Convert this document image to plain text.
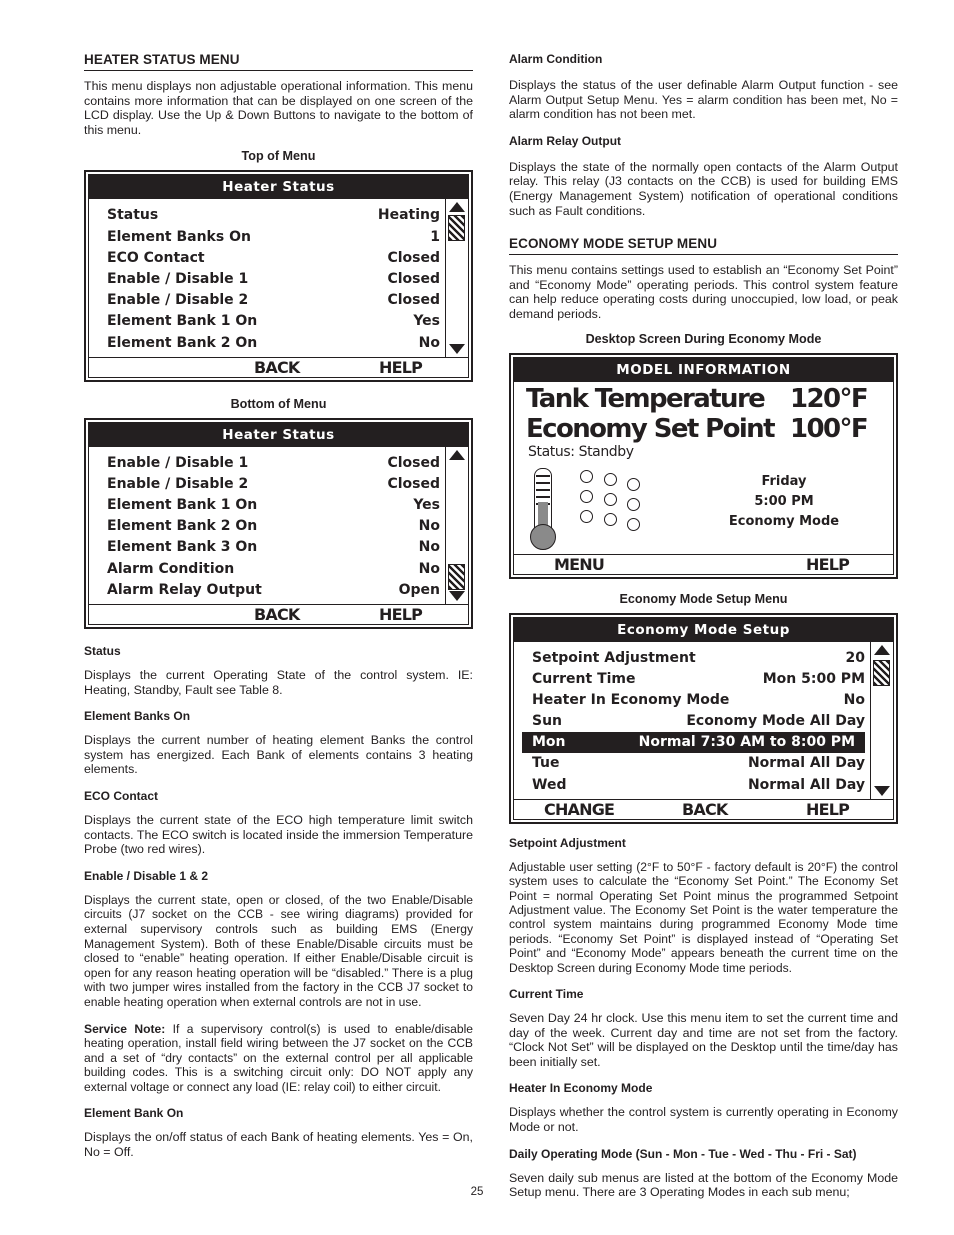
HEATER STATUS MENU

This menu displays non adjustable operational information. This menu contains more information that can be displayed on one screen of the LCD display. Use the Up & Down Buttons to navigate to the bottom of this menu.

Top of Menu
Heater Status
Status	Heating
Element Banks On	1
ECO Contact	Closed
Enable / Disable 1	Closed
Enable / Disable 2	Closed
Element Bank 1 On	Yes
Element Bank 2 On	No
BACK	HELP
Bottom of Menu
Heater Status
Enable / Disable 1	Closed
Enable / Disable 2	Closed
Element Bank 1 On	Yes
Element Bank 2 On	No
Element Bank 3 On	No
Alarm Condition	No
Alarm Relay Output	Open
BACK	HELP
Status

Displays the current Operating State of the control system. IE: Heating, Standby, Fault see Table 8.

Element Banks On

Displays the current number of heating element Banks the control system has energized. Each Bank of elements contains 3 heating elements.

ECO Contact

Displays the current state of the ECO high temperature limit switch contacts. The ECO switch is located inside the immersion Temperature Probe (two red wires).

Enable / Disable 1 & 2

Displays the current state, open or closed, of the two Enable/Disable circuits (J7 socket on the CCB - see wiring diagrams) provided for external supervisory controls such as building EMS (Energy Management System). Both of these Enable/Disable circuits must be closed to “enable” heating operation. If either Enable/Disable circuit is open for any reason heating operation will be “disabled.” There is a plug with two jumper wires installed from the factory in the CCB J7 socket to enable heating operation when external controls are not in use.

Service Note: If a supervisory control(s) is used to enable/disable heating operation, install field wiring between the J7 socket on the CCB and a set of “dry contacts” on the external control per all applicable building codes. This is a switching circuit only: DO NOT apply any external voltage or connect any load (IE: relay coil) to either circuit.

Element Bank On

Displays the on/off status of each Bank of heating elements. Yes = On, No = Off.

Alarm Condition

Displays the status of the user definable Alarm Output function - see Alarm Output Setup Menu. Yes = alarm condition has been met, No = alarm condition has not been met.

Alarm Relay Output

Displays the state of the normally open contacts of the Alarm Output relay. This relay (J3 contacts on the CCB) is used for building EMS (Energy Management System) notification of operational conditions such as Fault conditions.

ECONOMY MODE SETUP MENU

This menu contains settings used to establish an “Economy Set Point” and “Economy Mode” operating periods. This control system feature can help reduce operating costs during unoccupied, low load, or peak demand periods.

Desktop Screen During Economy Mode
MODEL INFORMATION
Tank Temperature 120°F
Economy Set Point 100°F
Status: Standby
Friday
5:00 PM
Economy Mode
MENU	HELP
Economy Mode Setup Menu
Economy Mode Setup
Setpoint Adjustment	20
Current Time	Mon 5:00 PM
Heater In Economy Mode	No
Sun	Economy Mode All Day
Mon	Normal 7:30 AM to 8:00 PM
Tue	Normal All Day
Wed	Normal All Day
CHANGE	BACK	HELP
Setpoint Adjustment

Adjustable user setting (2°F to 50°F - factory default is 20°F) the control system uses to calculate the “Economy Set Point.” The Economy Set Point = normal Operating Set Point minus the programmed Setpoint Adjustment value. The Economy Set Point is the water temperature the control system maintains during programmed Economy Mode time periods. “Economy Set Point” is displayed instead of “Operating Set Point” and “Economy Mode” appears beneath the current time on the Desktop Screen during Economy Mode time periods.

Current Time

Seven Day 24 hr clock. Use this menu item to set the current time and day of the week. Current day and time are not set from the factory. “Clock Not Set” will be displayed on the Desktop until the time/day has been initially set.

Heater In Economy Mode

Displays whether the control system is currently operating in Economy Mode or not.

Daily Operating Mode (Sun - Mon - Tue - Wed - Thu - Fri - Sat)

Seven daily sub menus are listed at the bottom of the Economy Mode Setup menu. There are 3 Operating Modes in each sub menu;

25
